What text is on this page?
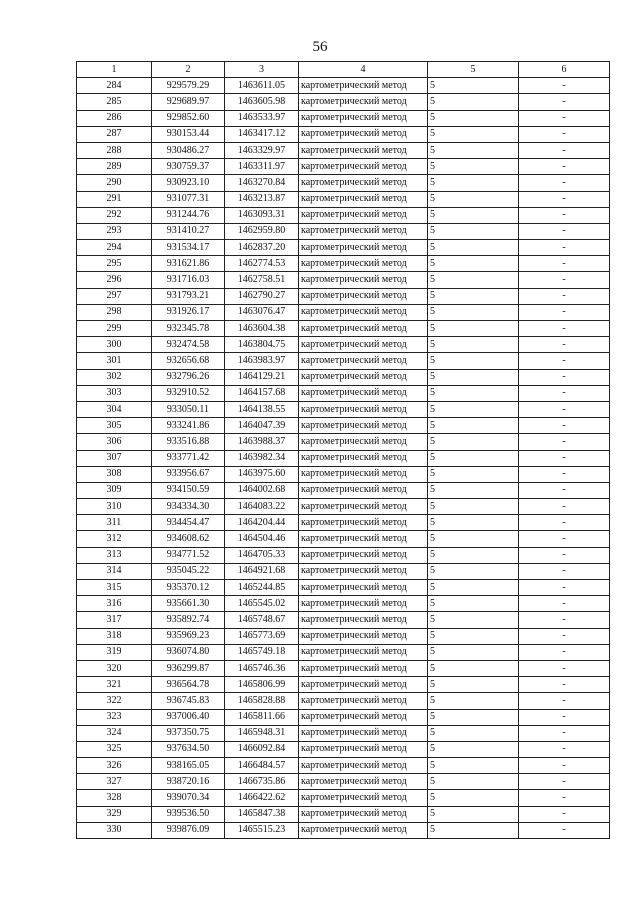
56
1	2	3	4	5	6
284	929579.29	1463611.05	картометрический метод	5	-
285	929689.97	1463605.98	картометрический метод	5	-
286	929852.60	1463533.97	картометрический метод	5	-
287	930153.44	1463417.12	картометрический метод	5	-
288	930486.27	1463329.97	картометрический метод	5	-
289	930759.37	1463311.97	картометрический метод	5	-
290	930923.10	1463270.84	картометрический метод	5	-
291	931077.31	1463213.87	картометрический метод	5	-
292	931244.76	1463093.31	картометрический метод	5	-
293	931410.27	1462959.80	картометрический метод	5	-
294	931534.17	1462837.20	картометрический метод	5	-
295	931621.86	1462774.53	картометрический метод	5	-
296	931716.03	1462758.51	картометрический метод	5	-
297	931793.21	1462790.27	картометрический метод	5	-
298	931926.17	1463076.47	картометрический метод	5	-
299	932345.78	1463604.38	картометрический метод	5	-
300	932474.58	1463804.75	картометрический метод	5	-
301	932656.68	1463983.97	картометрический метод	5	-
302	932796.26	1464129.21	картометрический метод	5	-
303	932910.52	1464157.68	картометрический метод	5	-
304	933050.11	1464138.55	картометрический метод	5	-
305	933241.86	1464047.39	картометрический метод	5	-
306	933516.88	1463988.37	картометрический метод	5	-
307	933771.42	1463982.34	картометрический метод	5	-
308	933956.67	1463975.60	картометрический метод	5	-
309	934150.59	1464002.68	картометрический метод	5	-
310	934334.30	1464083.22	картометрический метод	5	-
311	934454.47	1464204.44	картометрический метод	5	-
312	934608.62	1464504.46	картометрический метод	5	-
313	934771.52	1464705.33	картометрический метод	5	-
314	935045.22	1464921.68	картометрический метод	5	-
315	935370.12	1465244.85	картометрический метод	5	-
316	935661.30	1465545.02	картометрический метод	5	-
317	935892.74	1465748.67	картометрический метод	5	-
318	935969.23	1465773.69	картометрический метод	5	-
319	936074.80	1465749.18	картометрический метод	5	-
320	936299.87	1465746.36	картометрический метод	5	-
321	936564.78	1465806.99	картометрический метод	5	-
322	936745.83	1465828.88	картометрический метод	5	-
323	937006.40	1465811.66	картометрический метод	5	-
324	937350.75	1465948.31	картометрический метод	5	-
325	937634.50	1466092.84	картометрический метод	5	-
326	938165.05	1466484.57	картометрический метод	5	-
327	938720.16	1466735.86	картометрический метод	5	-
328	939070.34	1466422.62	картометрический метод	5	-
329	939536.50	1465847.38	картометрический метод	5	-
330	939876.09	1465515.23	картометрический метод	5	-
